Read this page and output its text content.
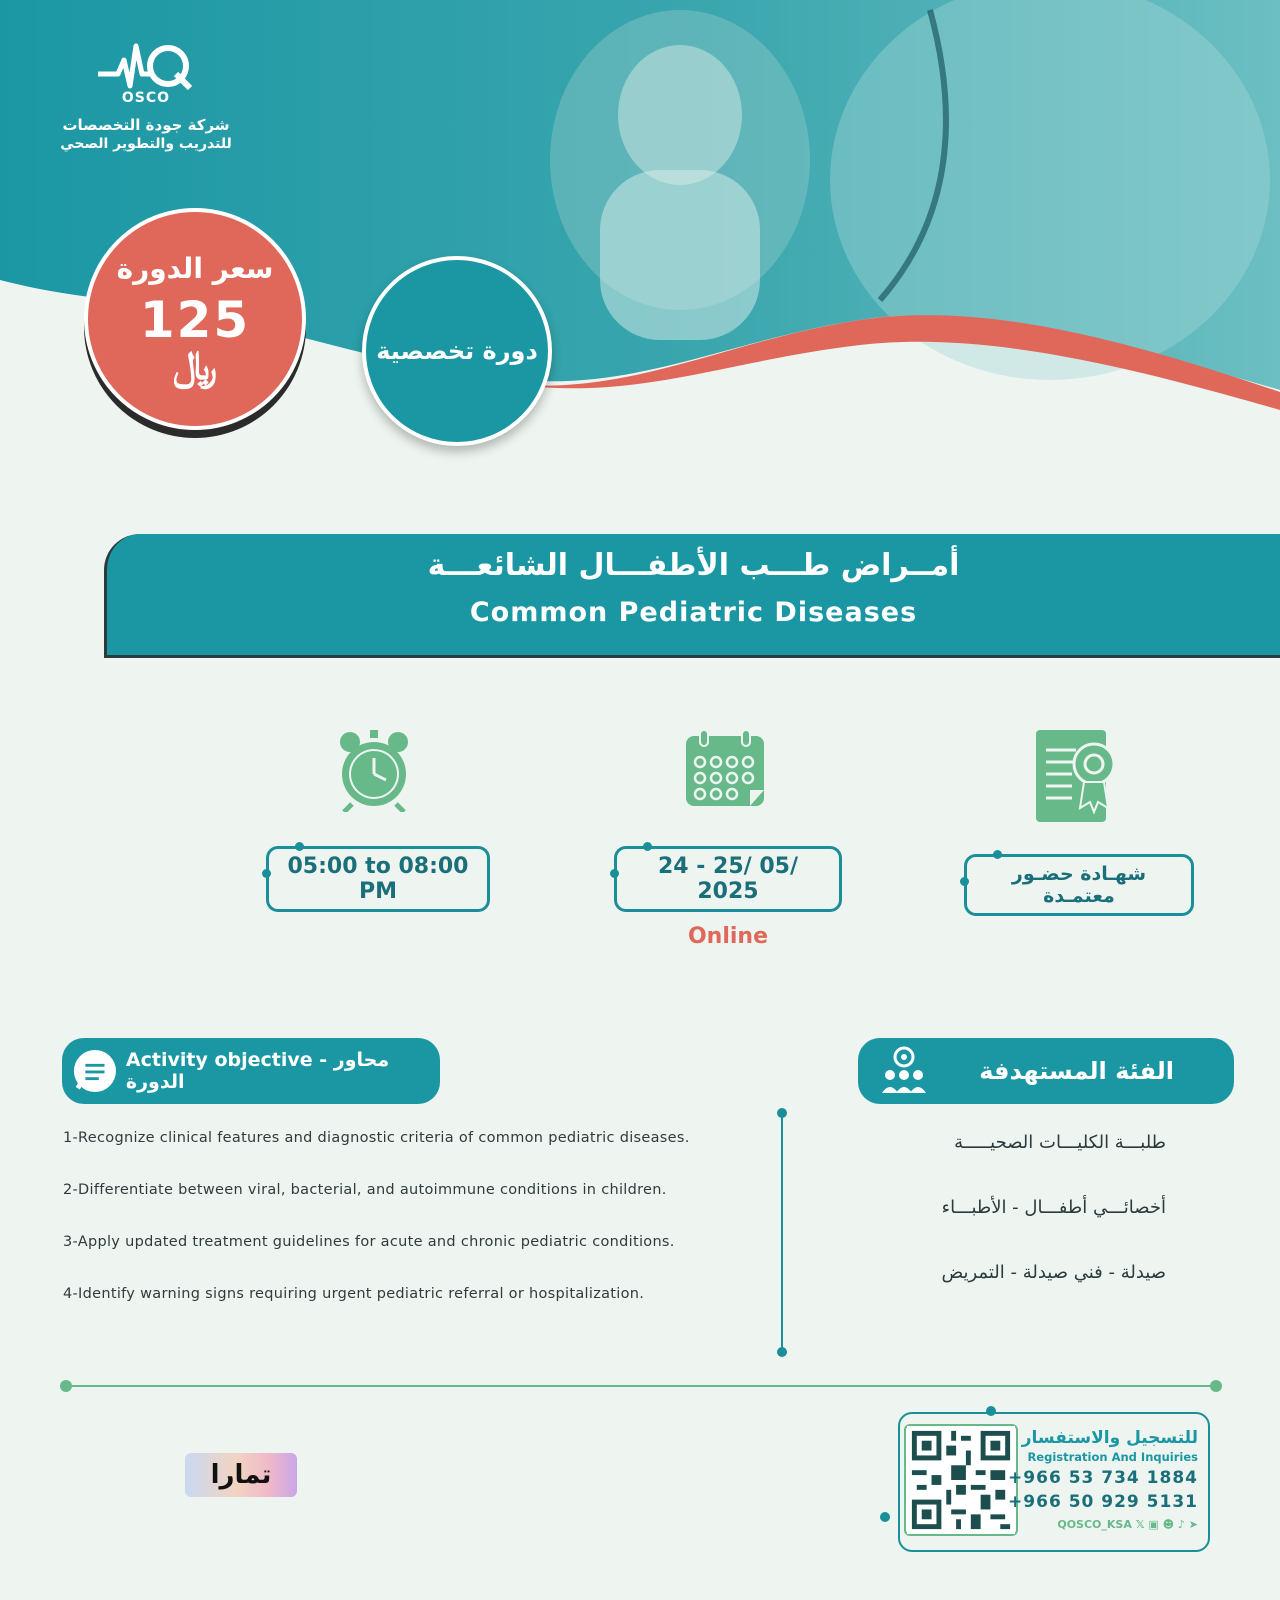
OSCO
شركة جودة التخصصات
للتدريب والتطوير الصحي
سعر الدورة
125
﷼	دورة تخصصية
أمــراض طـــب الأطفـــال الشائعـــة
Common Pediatric Diseases
05:00 to 08:00 PM
24 - 25/ 05/ 2025
Online
شهـادة حضـور معتمـدة
Activity objective - محاور الدورة
1-Recognize clinical features and diagnostic criteria of common pediatric diseases.
2-Differentiate between viral, bacterial, and autoimmune conditions in children.
3-Apply updated treatment guidelines for acute and chronic pediatric conditions.
4-Identify warning signs requiring urgent pediatric referral or hospitalization.
الفئة المستهدفة
طلبـــة الكليـــات الصحيـــــة
أخصائـــي أطفـــال - الأطبـــاء
صيدلة - فني صيدلة - التمريض
تمارا
للتسجيل والاستفسار
Registration And Inquiries
+966 53 734 1884
+966 50 929 5131
QOSCO_KSA 𝕏 ▣ ☻ ♪ ➤
